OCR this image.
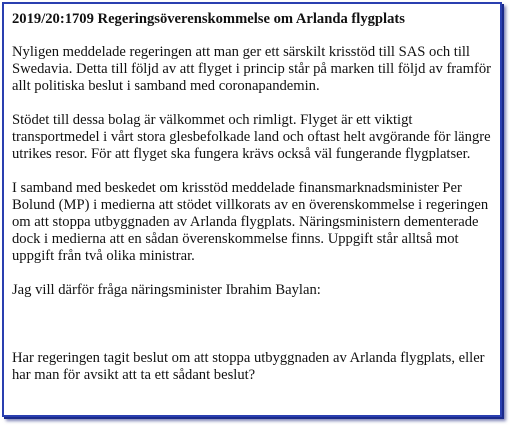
2019/20:1709 Regeringsöverenskommelse om Arlanda flygplats
Nyligen meddelade regeringen att man ger ett särskilt krisstöd till SAS och till Swedavia. Detta till följd av att flyget i princip står på marken till följd av framför allt politiska beslut i samband med coronapandemin.
Stödet till dessa bolag är välkommet och rimligt. Flyget är ett viktigt transportmedel i vårt stora glesbefolkade land och oftast helt avgörande för längre utrikes resor. För att flyget ska fungera krävs också väl fungerande flygplatser.
I samband med beskedet om krisstöd meddelade finansmarknadsminister Per Bolund (MP) i medierna att stödet villkorats av en överenskommelse i regeringen om att stoppa utbyggnaden av Arlanda flygplats. Näringsministern dementerade dock i medierna att en sådan överenskommelse finns. Uppgift står alltså mot uppgift från två olika ministrar.
Jag vill därför fråga näringsminister Ibrahim Baylan:
Har regeringen tagit beslut om att stoppa utbyggnaden av Arlanda flygplats, eller har man för avsikt att ta ett sådant beslut?
